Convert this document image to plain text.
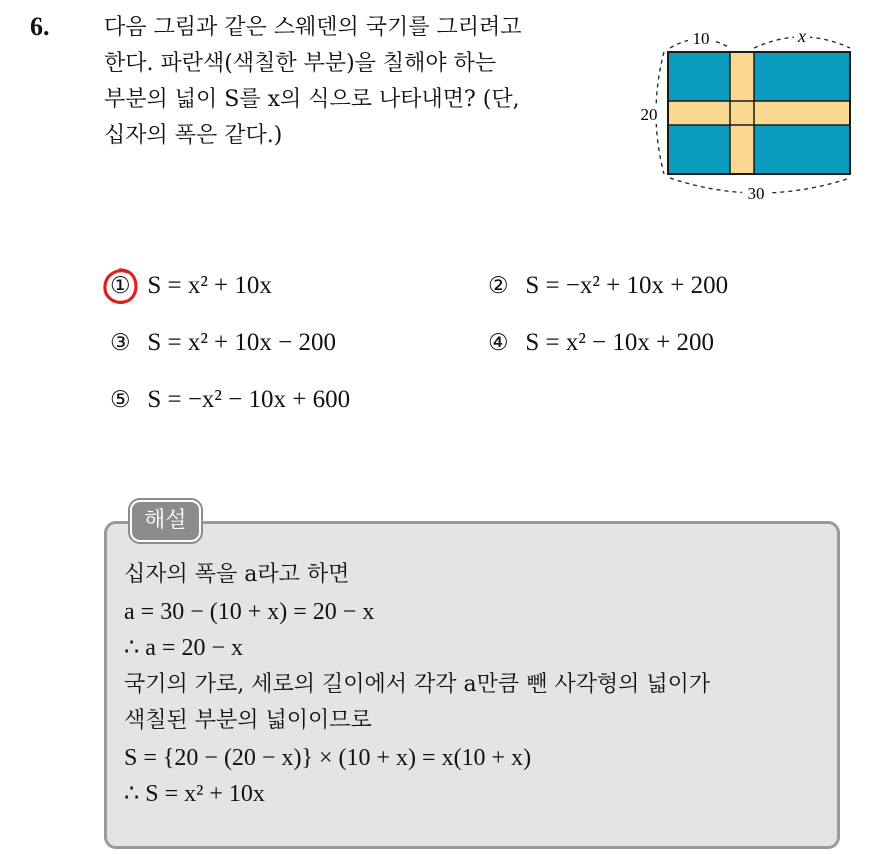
6. 다음 그림과 같은 스웨덴의 국기를 그리려고
한다. 파란색(색칠한 부분)을 칠해야 하는
부분의 넓이 S를 x의 식으로 나타내면? (단,
십자의 폭은 같다.)
10	x
20
30
① S = x² + 10x	② S = −x² + 10x + 200
③ S = x² + 10x − 200	④ S = x² − 10x + 200
⑤ S = −x² − 10x + 600
해설
십자의 폭을 a라고 하면
a = 30 − (10 + x) = 20 − x
∴ a = 20 − x
국기의 가로, 세로의 길이에서 각각 a만큼 뺀 사각형의 넓이가
색칠된 부분의 넓이이므로
S = {20 − (20 − x)} × (10 + x) = x(10 + x)
∴ S = x² + 10x
